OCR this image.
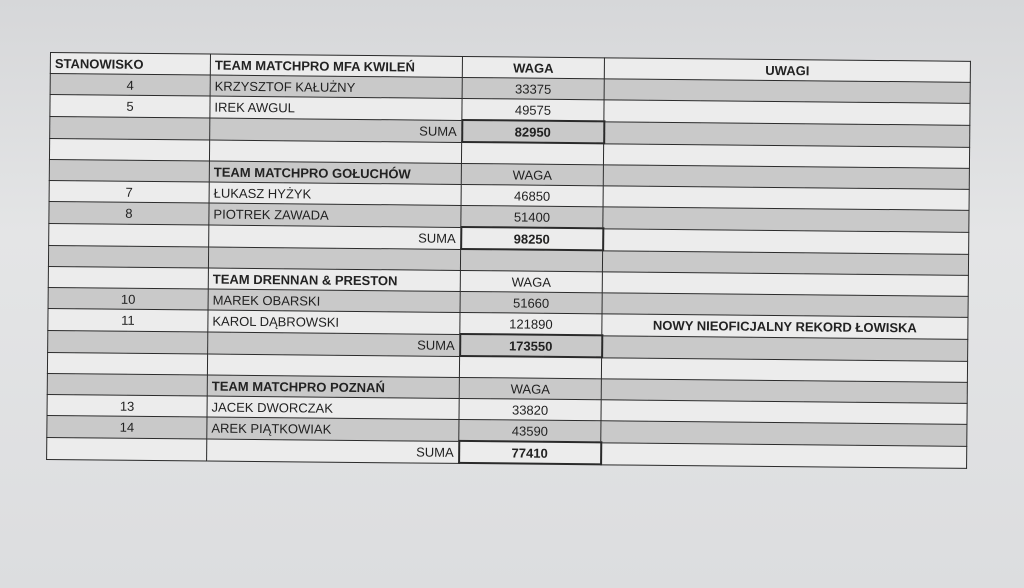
STANOWISKO	TEAM MATCHPRO MFA KWILEŃ	WAGA	UWAGI
4	KRZYSZTOF KAŁUŻNY	33375	
5	IREK AWGUL	49575	
	SUMA	82950	

	TEAM MATCHPRO GOŁUCHÓW	WAGA	
7	ŁUKASZ HYŻYK	46850	
8	PIOTREK ZAWADA	51400	
	SUMA	98250	

	TEAM DRENNAN & PRESTON	WAGA	
10	MAREK OBARSKI	51660	
11	KAROL DĄBROWSKI	121890	NOWY NIEOFICJALNY REKORD ŁOWISKA
	SUMA	173550	

	TEAM MATCHPRO POZNAŃ	WAGA	
13	JACEK DWORCZAK	33820	
14	AREK PIĄTKOWIAK	43590	
	SUMA	77410	
